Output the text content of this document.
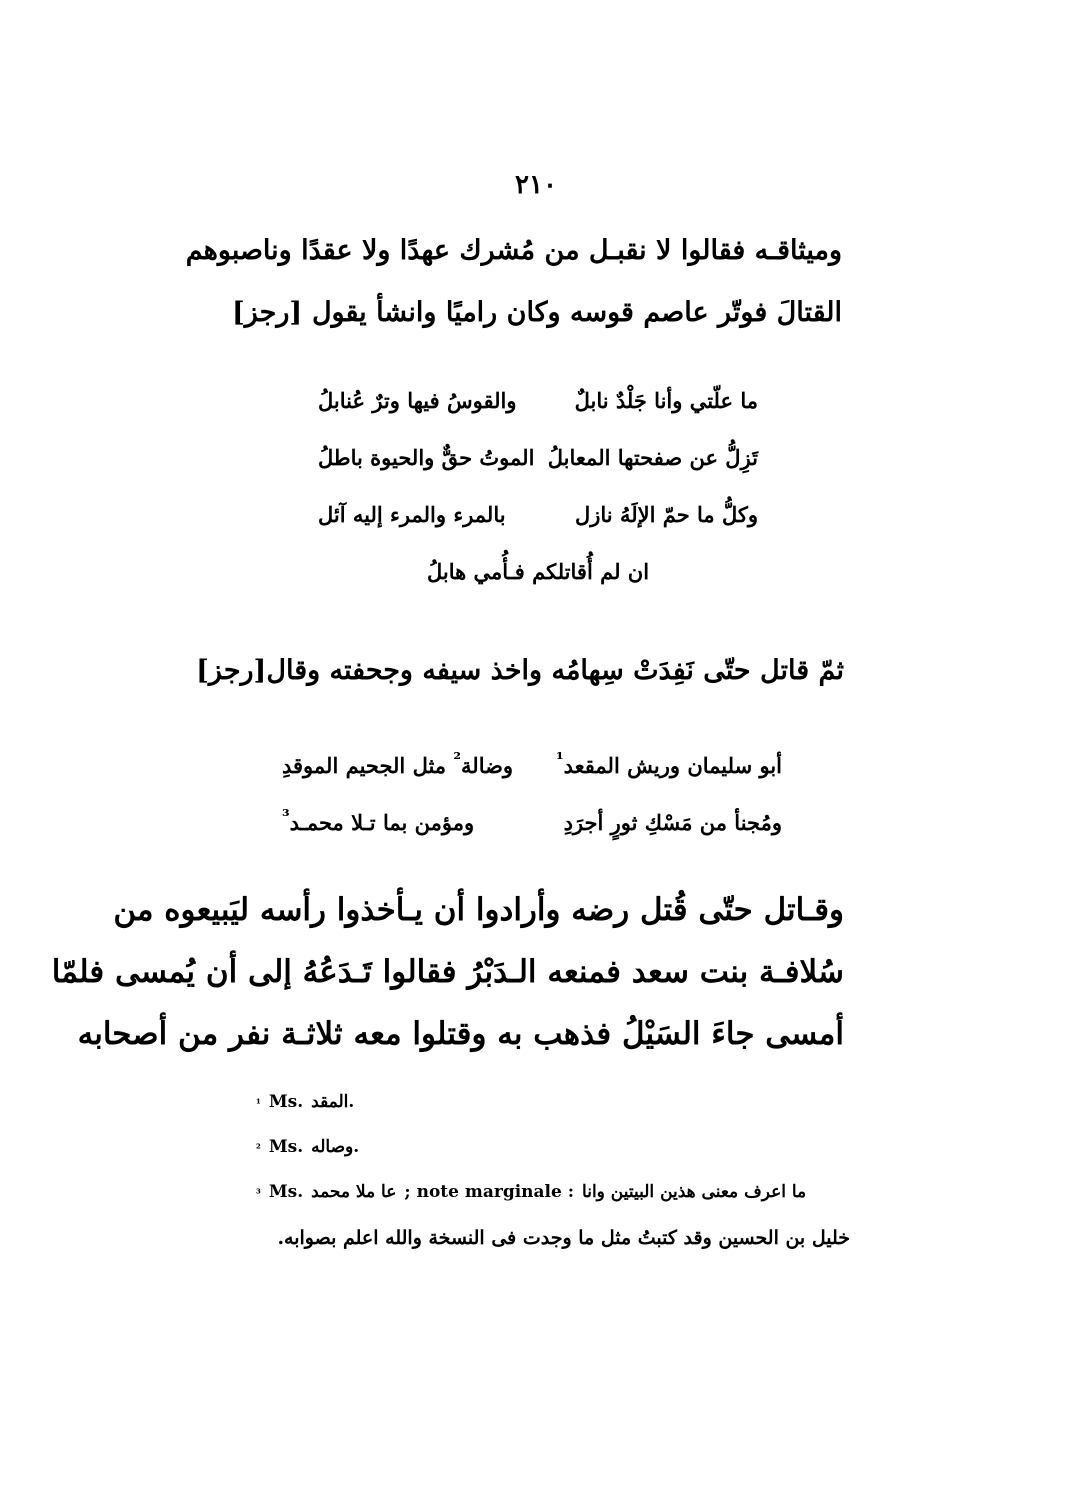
٢١٠
وميثاقـه فقالوا لا نقبـل من مُشرك عهدًا ولا عقدًا وناصبوهم
القتالَ فوتّر عاصم قوسه وكان راميًا وانشأ يقول
[رجز]
ما علّتي وأنا جَلْدٌ نابلٌ
والقوسُ فيها وترٌ عُنابلُ
تَزِلُّ عن صفحتها المعابلُ
الموتُ حقٌّ والحيوة باطلُ
وكلُّ ما حمّ الإلَهُ نازل
بالمرء والمرء إليه آئل
ان لم أُقاتلكم فـأُمي هابلُ
ثمّ قاتل حتّى نَفِدَتْ سِهامُه واخذ سيفه وجحفته وقال
[رجز]
أبو سليمان وريش المقعد$^{^1}$
وضالة$^{^2}$ مثل الجحيم الموقدِ
ومُجنأ من مَسْكِ ثورٍ أجرَدِ
ومؤمن بما تـلا محمـد$^{^3}$
وقـاتل حتّى قُتل رضه وأرادوا أن يـأخذوا رأسه ليَبيعوه من
سُلافـة بنت سعد فمنعه الـدَبْرُ فقالوا تَـدَعُهُ إلى أن يُمسى فلمّا
أمسى جاءَ السَيْلُ فذهب به وقتلوا معه ثلاثـة نفر من أصحابه
¹ Ms. المقد.
² Ms. وصاله.
³ Ms. عا ملا محمد ; note marginale : ما اعرف معنى هذين البيتين وانا
خليل بن الحسين وقد كتبتُ مثل ما وجدت فى النسخة والله اعلم بصوابه.
